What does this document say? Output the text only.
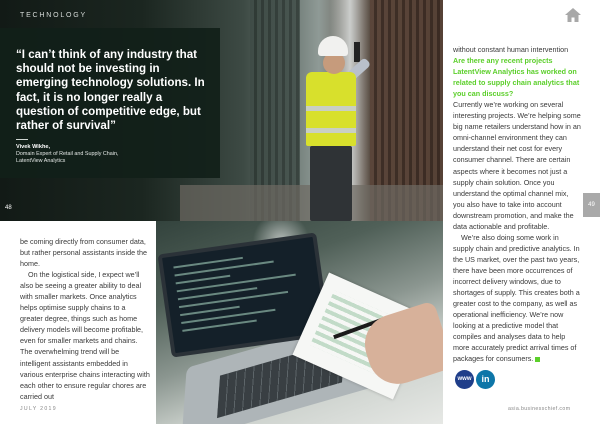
TECHNOLOGY
“I can’t think of any industry that should not be investing in emerging technology solutions. In fact, it is no longer really a question of competitive edge, but rather of survival”
Vivek Wikhe,
Domain Expert of Retail and Supply Chain,
LatentView Analytics
48

be coming directly from consumer data, but rather personal assistants inside the home.

On the logistical side, I expect we’ll also be seeing a greater ability to deal with smaller markets. Once analytics helps optimise supply chains to a greater degree, things such as home delivery models will become profitable, even for smaller markets and chains. The overwhelming trend will be intelligent assistants embedded in various enterprise chains interacting with each other to ensure regular chores are carried out

JULY 2019

without constant human intervention

Are there any recent projects LatentView Analytics has worked on related to supply chain analytics that you can discuss?

Currently we’re working on several interesting projects. We’re helping some big name retailers understand how in an omni-channel environment they can understand their net cost for every consumer channel. There are certain aspects where it becomes not just a supply chain solution. Once you understand the optimal channel mix, you also have to take into account downstream promotion, and make the data actionable and profitable.

We’re also doing some work in supply chain and predictive analytics. In the US market, over the past two years, there have been more occurrences of incorrect delivery windows, due to shortages of supply. This creates both a greater cost to the company, as well as operational inefficiency. We’re now looking at a predictive model that compiles and analyses data to help more accurately predict arrival times of packages for consumers.

49
www	in
asia.businesschief.com
